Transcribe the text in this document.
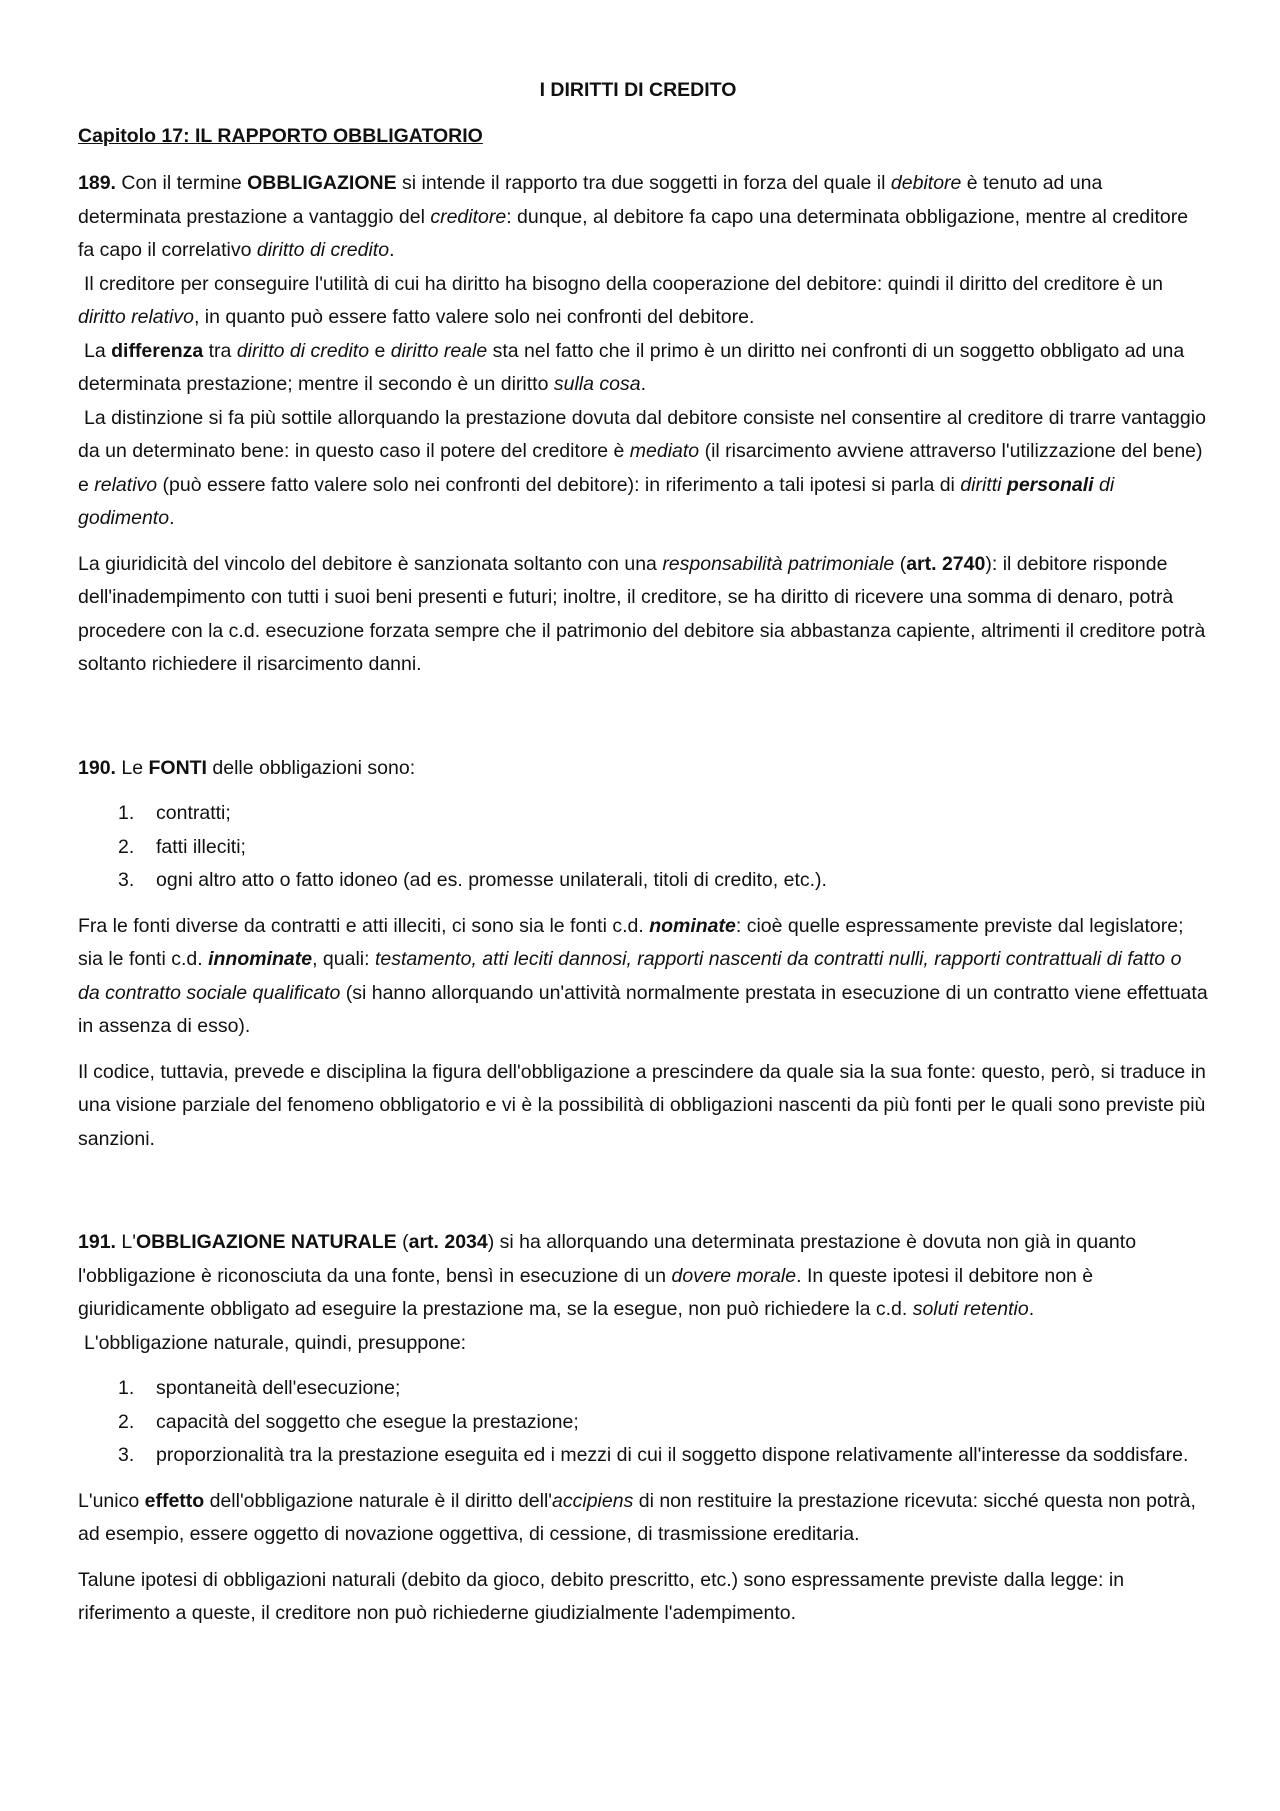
I DIRITTI DI CREDITO
Capitolo 17: IL RAPPORTO OBBLIGATORIO

189. Con il termine OBBLIGAZIONE si intende il rapporto tra due soggetti in forza del quale il debitore è tenuto ad una determinata prestazione a vantaggio del creditore: dunque, al debitore fa capo una determinata obbligazione, mentre al creditore fa capo il correlativo diritto di credito.
Il creditore per conseguire l'utilità di cui ha diritto ha bisogno della cooperazione del debitore: quindi il diritto del creditore è un diritto relativo, in quanto può essere fatto valere solo nei confronti del debitore.
La differenza tra diritto di credito e diritto reale sta nel fatto che il primo è un diritto nei confronti di un soggetto obbligato ad una determinata prestazione; mentre il secondo è un diritto sulla cosa.
La distinzione si fa più sottile allorquando la prestazione dovuta dal debitore consiste nel consentire al creditore di trarre vantaggio da un determinato bene: in questo caso il potere del creditore è mediato (il risarcimento avviene attraverso l'utilizzazione del bene) e relativo (può essere fatto valere solo nei confronti del debitore): in riferimento a tali ipotesi si parla di diritti personali di godimento.

La giuridicità del vincolo del debitore è sanzionata soltanto con una responsabilità patrimoniale (art. 2740): il debitore risponde dell'inadempimento con tutti i suoi beni presenti e futuri; inoltre, il creditore, se ha diritto di ricevere una somma di denaro, potrà procedere con la c.d. esecuzione forzata sempre che il patrimonio del debitore sia abbastanza capiente, altrimenti il creditore potrà soltanto richiedere il risarcimento danni.

190. Le FONTI delle obbligazioni sono:

1. contratti;
2. fatti illeciti;
3. ogni altro atto o fatto idoneo (ad es. promesse unilaterali, titoli di credito, etc.).

Fra le fonti diverse da contratti e atti illeciti, ci sono sia le fonti c.d. nominate: cioè quelle espressamente previste dal legislatore; sia le fonti c.d. innominate, quali: testamento, atti leciti dannosi, rapporti nascenti da contratti nulli, rapporti contrattuali di fatto o da contratto sociale qualificato (si hanno allorquando un'attività normalmente prestata in esecuzione di un contratto viene effettuata in assenza di esso).

Il codice, tuttavia, prevede e disciplina la figura dell'obbligazione a prescindere da quale sia la sua fonte: questo, però, si traduce in una visione parziale del fenomeno obbligatorio e vi è la possibilità di obbligazioni nascenti da più fonti per le quali sono previste più sanzioni.

191. L'OBBLIGAZIONE NATURALE (art. 2034) si ha allorquando una determinata prestazione è dovuta non già in quanto l'obbligazione è riconosciuta da una fonte, bensì in esecuzione di un dovere morale. In queste ipotesi il debitore non è giuridicamente obbligato ad eseguire la prestazione ma, se la esegue, non può richiedere la c.d. soluti retentio.
L'obbligazione naturale, quindi, presuppone:

1. spontaneità dell'esecuzione;
2. capacità del soggetto che esegue la prestazione;
3. proporzionalità tra la prestazione eseguita ed i mezzi di cui il soggetto dispone relativamente all'interesse da soddisfare.

L'unico effetto dell'obbligazione naturale è il diritto dell'accipiens di non restituire la prestazione ricevuta: sicché questa non potrà, ad esempio, essere oggetto di novazione oggettiva, di cessione, di trasmissione ereditaria.

Talune ipotesi di obbligazioni naturali (debito da gioco, debito prescritto, etc.) sono espressamente previste dalla legge: in riferimento a queste, il creditore non può richiederne giudizialmente l'adempimento.
